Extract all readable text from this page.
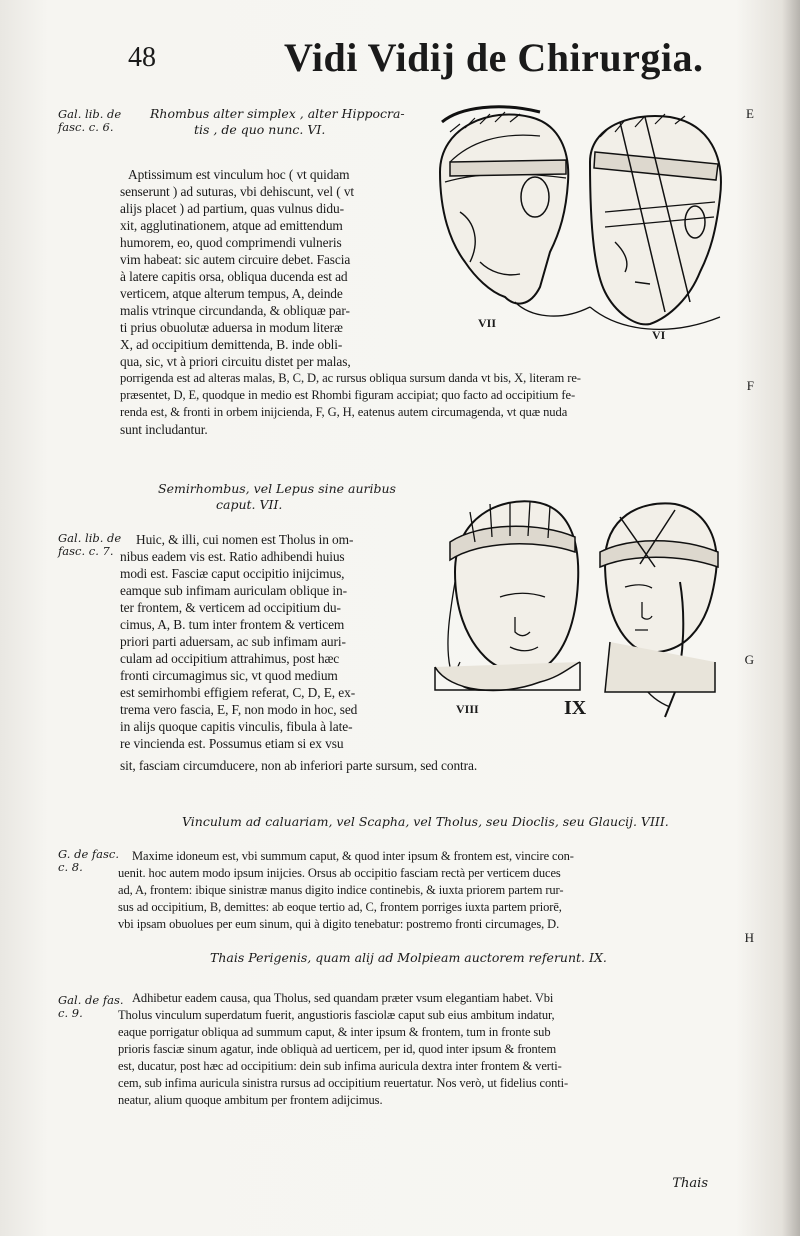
48	Vidi Vidij de Chirurgia.
E
F
G
H
Gal. lib. de
fasc. c. 6.
Rhombus alter simplex , alter Hippocra-
tis , de quo nunc. VI.
Aptissimum est vinculum hoc ( vt quidam
senserunt ) ad suturas, vbi dehiscunt, vel ( vt
alijs placet ) ad partium, quas vulnus didu-
xit, agglutinationem, atque ad emittendum
humorem, eo, quod comprimendi vulneris
vim habeat: sic autem circuire debet. Fascia
à latere capitis orsa, obliqua ducenda est ad
verticem, atque alterum tempus, A, deinde
malis vtrinque circundanda, & obliquæ par-
ti prius obuolutæ aduersa in modum literæ
X, ad occipitium demittenda, B. inde obli-
qua, sic, vt à priori circuitu distet per malas,
porrigenda est ad alteras malas, B, C, D, ac rursus obliqua sursum danda vt bis, X, literam re-
præsentet, D, E, quodque in medio est Rhombi figuram accipiat; quo facto ad occipitium fe-
renda est, & fronti in orbem inijcienda, F, G, H, eatenus autem circumagenda, vt quæ nuda
sunt includantur.
VII
VI
Semirhombus, vel Lepus sine auribus
caput. VII.
Gal. lib. de
fasc. c. 7.
Huic, & illi, cui nomen est Tholus in om-
nibus eadem vis est. Ratio adhibendi huius
modi est. Fasciæ caput occipitio inijcimus,
eamque sub infimam auriculam oblique in-
ter frontem, & verticem ad occipitium du-
cimus, A, B. tum inter frontem & verticem
priori parti aduersam, ac sub infimam auri-
culam ad occipitium attrahimus, post hæc
fronti circumagimus sic, vt quod medium
est semirhombi effigiem referat, C, D, E, ex-
trema vero fascia, E, F, non modo in hoc, sed
in alijs quoque capitis vinculis, fibula à late-
re vincienda est. Possumus etiam si ex vsu
sit, fasciam circumducere, non ab inferiori parte sursum, sed contra.
VIII	IX
Vinculum ad caluariam, vel Scapha, vel Tholus, seu Dioclis, seu Glaucij. VIII.
G. de fasc.
c. 8.
Maxime idoneum est, vbi summum caput, & quod inter ipsum & frontem est, vincire con-
uenit. hoc autem modo ipsum inijcies. Orsus ab occipitio fasciam rectà per verticem duces
ad, A, frontem: ibique sinistræ manus digito indice continebis, & iuxta priorem partem rur-
sus ad occipitium, B, demittes: ab eoque tertio ad, C, frontem porriges iuxta partem priorē,
vbi ipsam obuolues per eum sinum, qui à digito tenebatur: postremo fronti circumages, D.
Thais Perigenis, quam alij ad Molpieam auctorem referunt. IX.
Gal. de fas.
c. 9.
Adhibetur eadem causa, qua Tholus, sed quandam præter vsum elegantiam habet. Vbi
Tholus vinculum superdatum fuerit, angustioris fasciolæ caput sub eius ambitum indatur,
eaque porrigatur obliqua ad summum caput, & inter ipsum & frontem, tum in fronte sub
prioris fasciæ sinum agatur, inde obliquà ad uerticem, per id, quod inter ipsum & frontem
est, ducatur, post hæc ad occipitium: dein sub infima auricula dextra inter frontem & verti-
cem, sub infima auricula sinistra rursus ad occipitium reuertatur. Nos verò, ut fidelius conti-
neatur, alium quoque ambitum per frontem adijcimus.
Thais
